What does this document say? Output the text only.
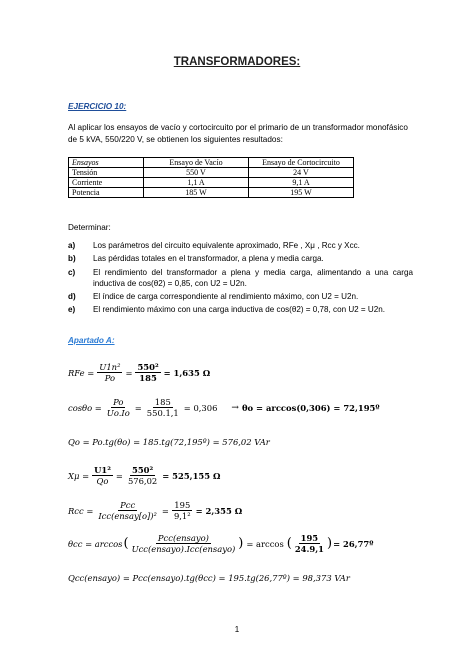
TRANSFORMADORES:
EJERCICIO 10:
Al aplicar los ensayos de vacío y cortocircuito por el primario de un transformador monofásico de 5 kVA, 550/220 V, se obtienen los siguientes resultados:
Ensayos	Ensayo de Vacío	Ensayo de Cortocircuito
Tensión	550 V	24 V
Corriente	1,1 A	9,1 A
Potencia	185 W	195 W
Determinar:
a)	Los parámetros del circuito equivalente aproximado, RFe , Xμ , Rcc y Xcc.
b)	Las pérdidas totales en el transformador, a plena y media carga.
c)	El rendimiento del transformador a plena y media carga, alimentando a una carga inductiva de cos(θ2) = 0,85, con U2 = U2n.
d)	El índice de carga correspondiente al rendimiento máximo, con U2 = U2n.
e)	El rendimiento máximo con una carga inductiva de cos(θ2) = 0,78, con U2 = U2n.
Apartado A:
RFe = $\frac{\text{U1n²}}{Po} = \frac{\text{550²}}{185} = 1,635$ Ω
$\cos\theta o = \frac{Po}{Uo.Io} = \frac{185}{550.1,1} = 0,306 \to \theta o = \arccos(0,306)$ = 72,195º
Qo = Po.tg(θo) = 185.tg(72,195º) = 576,02 VAr
$X\mu = \frac{\text{U1²}}{Qo} = \frac{\text{550²}}{576,02} = 525,155$ Ω
Rcc = $\frac{\text{Pcc}}{\text{Icc(ensay[o])²}} = \frac{195}{\text{9,1²}} = 2,355$ Ω
θcc = arccos ( $\frac{\text{Pcc(ensayo)}}{\text{Ucc(ensayo).Icc(ensayo)}}$ ) = arccos ( $\frac{195}{24.9,1}$ ) = 26,77º
Qcc(ensayo) = Pcc(ensayo).tg(θcc) = 195.tg(26,77º) = 98,373 VAr
1
